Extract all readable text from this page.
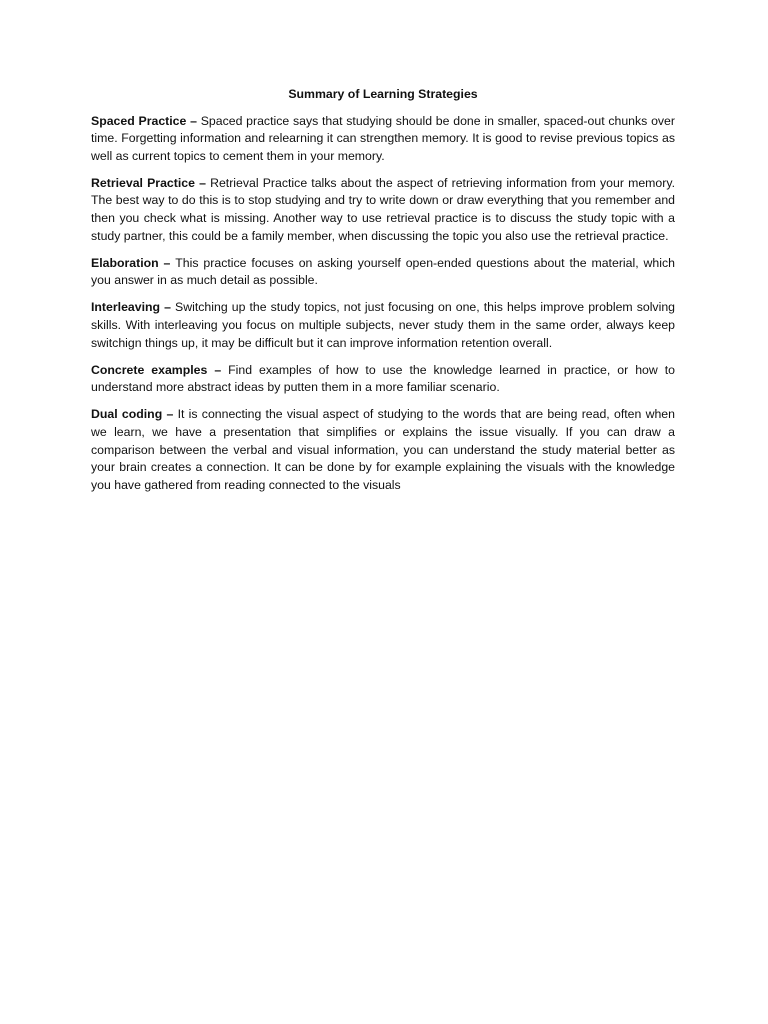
Summary of Learning Strategies

Spaced Practice – Spaced practice says that studying should be done in smaller, spaced-out chunks over time. Forgetting information and relearning it can strengthen memory. It is good to revise previous topics as well as current topics to cement them in your memory.

Retrieval Practice – Retrieval Practice talks about the aspect of retrieving information from your memory. The best way to do this is to stop studying and try to write down or draw everything that you remember and then you check what is missing. Another way to use retrieval practice is to discuss the study topic with a study partner, this could be a family member, when discussing the topic you also use the retrieval practice.

Elaboration – This practice focuses on asking yourself open-ended questions about the material, which you answer in as much detail as possible.

Interleaving – Switching up the study topics, not just focusing on one, this helps improve problem solving skills. With interleaving you focus on multiple subjects, never study them in the same order, always keep switchign things up, it may be difficult but it can improve information retention overall.

Concrete examples – Find examples of how to use the knowledge learned in practice, or how to understand more abstract ideas by putten them in a more familiar scenario.

Dual coding – It is connecting the visual aspect of studying to the words that are being read, often when we learn, we have a presentation that simplifies or explains the issue visually. If you can draw a comparison between the verbal and visual information, you can understand the study material better as your brain creates a connection. It can be done by for example explaining the visuals with the knowledge you have gathered from reading connected to the visuals
